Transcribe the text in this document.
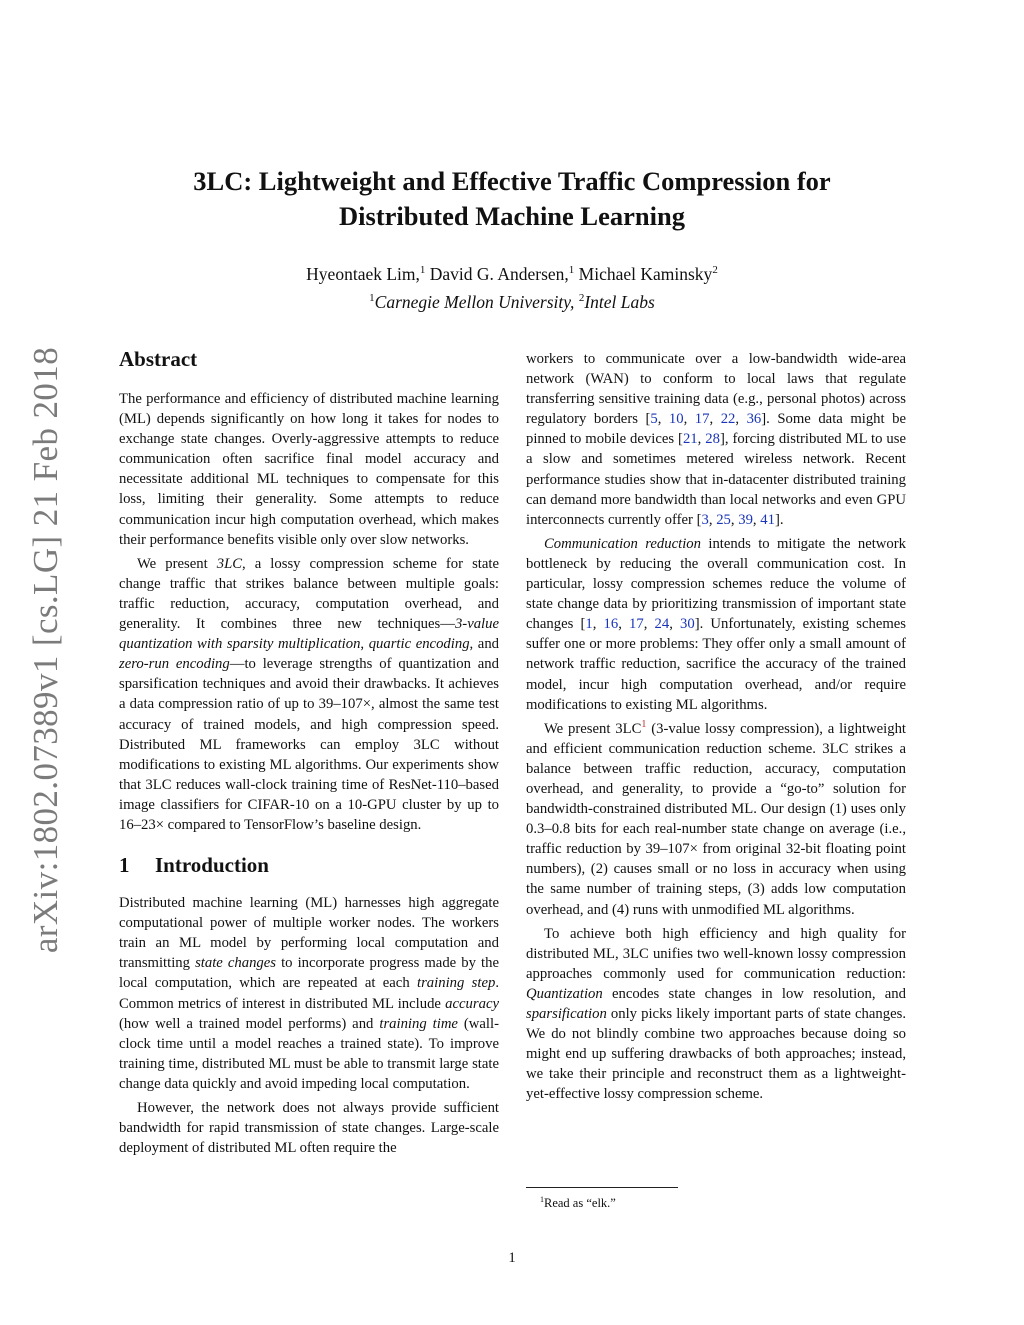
arXiv:1802.07389v1 [cs.LG] 21 Feb 2018
3LC: Lightweight and Effective Traffic Compression for
Distributed Machine Learning
Hyeontaek Lim,$^1$ David G. Andersen,$^1$ Michael Kaminsky$^2$
$^1$Carnegie Mellon University, $^2$Intel Labs
Abstract

The performance and efficiency of distributed machine learning (ML) depends significantly on how long it takes for nodes to exchange state changes. Overly-aggressive attempts to reduce communication often sacrifice final model accuracy and necessitate additional ML techniques to compensate for this loss, limiting their generality. Some attempts to reduce communication incur high computation overhead, which makes their performance benefits visible only over slow networks.

We present 3LC, a lossy compression scheme for state change traffic that strikes balance between multiple goals: traffic reduction, accuracy, computation overhead, and generality. It combines three new techniques—3-value quantization with sparsity multiplication, quartic encoding, and zero-run encoding—to leverage strengths of quantization and sparsification techniques and avoid their drawbacks. It achieves a data compression ratio of up to 39–107×, almost the same test accuracy of trained models, and high compression speed. Distributed ML frameworks can employ 3LC without modifications to existing ML algorithms. Our experiments show that 3LC reduces wall-clock training time of ResNet-110–based image classifiers for CIFAR-10 on a 10-GPU cluster by up to 16–23× compared to TensorFlow’s baseline design.

1 Introduction

Distributed machine learning (ML) harnesses high aggregate computational power of multiple worker nodes. The workers train an ML model by performing local computation and transmitting state changes to incorporate progress made by the local computation, which are repeated at each training step. Common metrics of interest in distributed ML include accuracy (how well a trained model performs) and training time (wall-clock time until a model reaches a trained state). To improve training time, distributed ML must be able to transmit large state change data quickly and avoid impeding local computation.

However, the network does not always provide sufficient bandwidth for rapid transmission of state changes. Large-scale deployment of distributed ML often require the

workers to communicate over a low-bandwidth wide-area network (WAN) to conform to local laws that regulate transferring sensitive training data (e.g., personal photos) across regulatory borders [5, 10, 17, 22, 36]. Some data might be pinned to mobile devices [21, 28], forcing distributed ML to use a slow and sometimes metered wireless network. Recent performance studies show that in-datacenter distributed training can demand more bandwidth than local networks and even GPU interconnects currently offer [3, 25, 39, 41].

Communication reduction intends to mitigate the network bottleneck by reducing the overall communication cost. In particular, lossy compression schemes reduce the volume of state change data by prioritizing transmission of important state changes [1, 16, 17, 24, 30]. Unfortunately, existing schemes suffer one or more problems: They offer only a small amount of network traffic reduction, sacrifice the accuracy of the trained model, incur high computation overhead, and/or require modifications to existing ML algorithms.

We present 3LC$^1$ (3-value lossy compression), a lightweight and efficient communication reduction scheme. 3LC strikes a balance between traffic reduction, accuracy, computation overhead, and generality, to provide a “go-to” solution for bandwidth-constrained distributed ML. Our design (1) uses only 0.3–0.8 bits for each real-number state change on average (i.e., traffic reduction by 39–107× from original 32-bit floating point numbers), (2) causes small or no loss in accuracy when using the same number of training steps, (3) adds low computation overhead, and (4) runs with unmodified ML algorithms.

To achieve both high efficiency and high quality for distributed ML, 3LC unifies two well-known lossy compression approaches commonly used for communication reduction: Quantization encodes state changes in low resolution, and sparsification only picks likely important parts of state changes. We do not blindly combine two approaches because doing so might end up suffering drawbacks of both approaches; instead, we take their principle and reconstruct them as a lightweight-yet-effective lossy compression scheme.

$^1$Read as “elk.”
1
